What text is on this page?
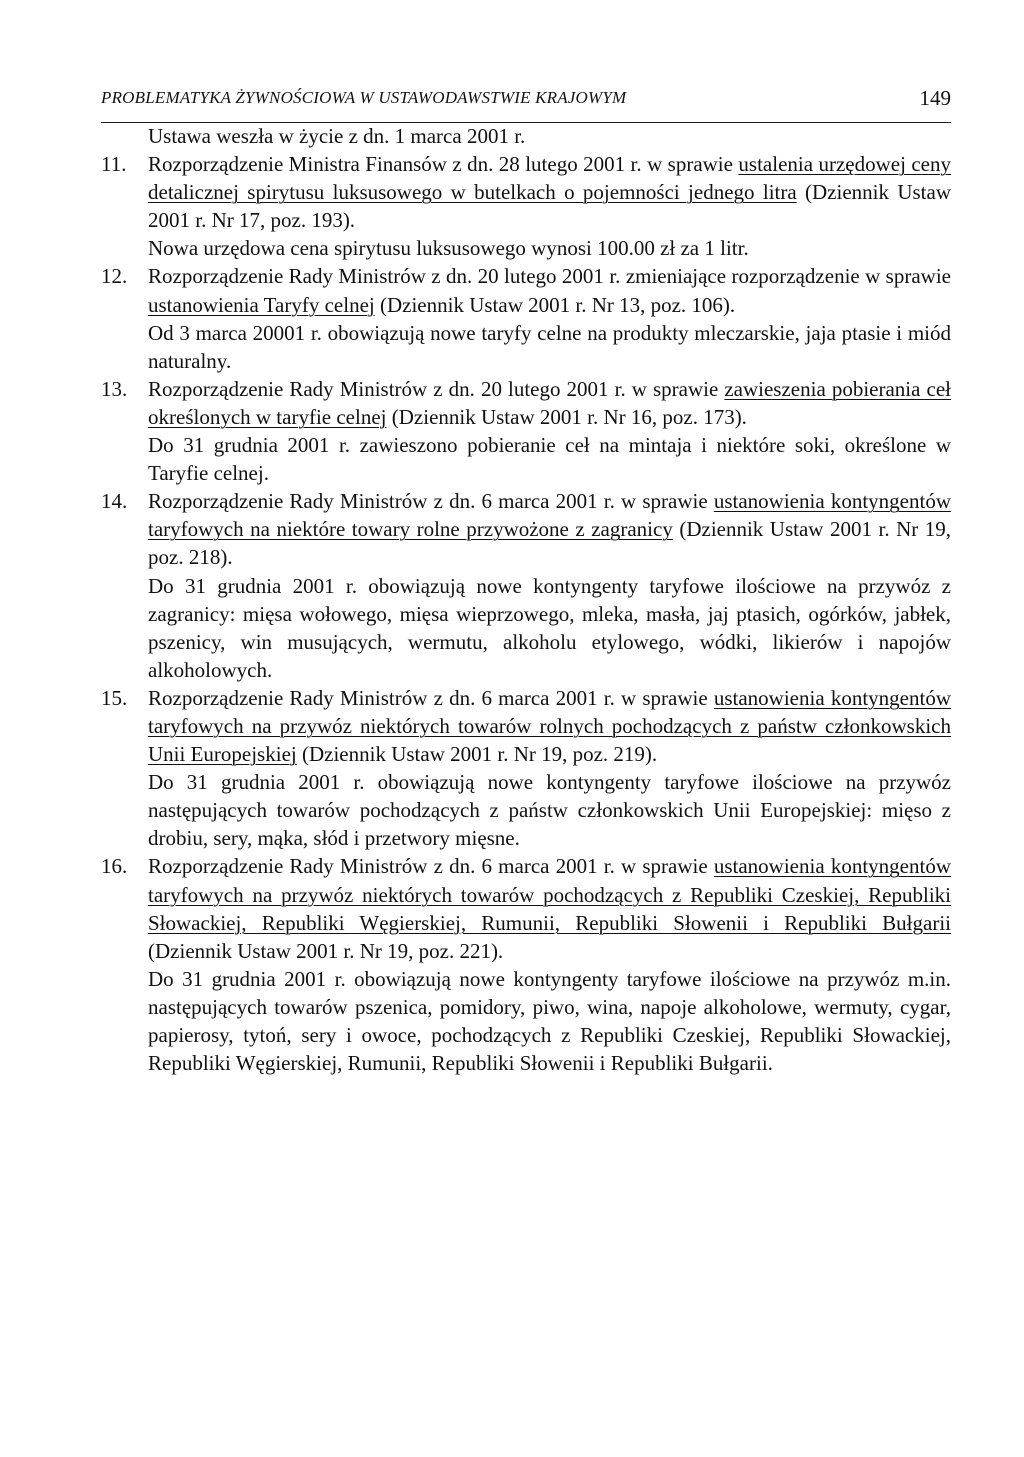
PROBLEMATYKA ŻYWNOŚCIOWA W USTAWODAWSTWIE KRAJOWYM	149

Ustawa weszła w życie z dn. 1 marca 2001 r.

11. Rozporządzenie Ministra Finansów z dn. 28 lutego 2001 r. w sprawie ustalenia urzędowej ceny detalicznej spirytusu luksusowego w butelkach o pojemności jednego litra (Dziennik Ustaw 2001 r. Nr 17, poz. 193).

Nowa urzędowa cena spirytusu luksusowego wynosi 100.00 zł za 1 litr.

12. Rozporządzenie Rady Ministrów z dn. 20 lutego 2001 r. zmieniające rozporządzenie w sprawie ustanowienia Taryfy celnej (Dziennik Ustaw 2001 r. Nr 13, poz. 106).

Od 3 marca 20001 r. obowiązują nowe taryfy celne na produkty mleczarskie, jaja ptasie i miód naturalny.

13. Rozporządzenie Rady Ministrów z dn. 20 lutego 2001 r. w sprawie zawieszenia pobierania ceł określonych w taryfie celnej (Dziennik Ustaw 2001 r. Nr 16, poz. 173).

Do 31 grudnia 2001 r. zawieszono pobieranie ceł na mintaja i niektóre soki, określone w Taryfie celnej.

14. Rozporządzenie Rady Ministrów z dn. 6 marca 2001 r. w sprawie ustanowienia kontyngentów taryfowych na niektóre towary rolne przywożone z zagranicy (Dziennik Ustaw 2001 r. Nr 19, poz. 218).

Do 31 grudnia 2001 r. obowiązują nowe kontyngenty taryfowe ilościowe na przywóz z zagranicy: mięsa wołowego, mięsa wieprzowego, mleka, masła, jaj ptasich, ogórków, jabłek, pszenicy, win musujących, wermutu, alkoholu etylowego, wódki, likierów i napojów alkoholowych.

15. Rozporządzenie Rady Ministrów z dn. 6 marca 2001 r. w sprawie ustanowienia kontyngentów taryfowych na przywóz niektórych towarów rolnych pochodzących z państw członkowskich Unii Europejskiej (Dziennik Ustaw 2001 r. Nr 19, poz. 219).

Do 31 grudnia 2001 r. obowiązują nowe kontyngenty taryfowe ilościowe na przywóz następujących towarów pochodzących z państw członkowskich Unii Europejskiej: mięso z drobiu, sery, mąka, słód i przetwory mięsne.

16. Rozporządzenie Rady Ministrów z dn. 6 marca 2001 r. w sprawie ustanowienia kontyngentów taryfowych na przywóz niektórych towarów pochodzących z Republiki Czeskiej, Republiki Słowackiej, Republiki Węgierskiej, Rumunii, Republiki Słowenii i Republiki Bułgarii (Dziennik Ustaw 2001 r. Nr 19, poz. 221).

Do 31 grudnia 2001 r. obowiązują nowe kontyngenty taryfowe ilościowe na przywóz m.in. następujących towarów pszenica, pomidory, piwo, wina, napoje alkoholowe, wermuty, cygar, papierosy, tytoń, sery i owoce, pochodzących z Republiki Czeskiej, Republiki Słowackiej, Republiki Węgierskiej, Rumunii, Republiki Słowenii i Republiki Bułgarii.
